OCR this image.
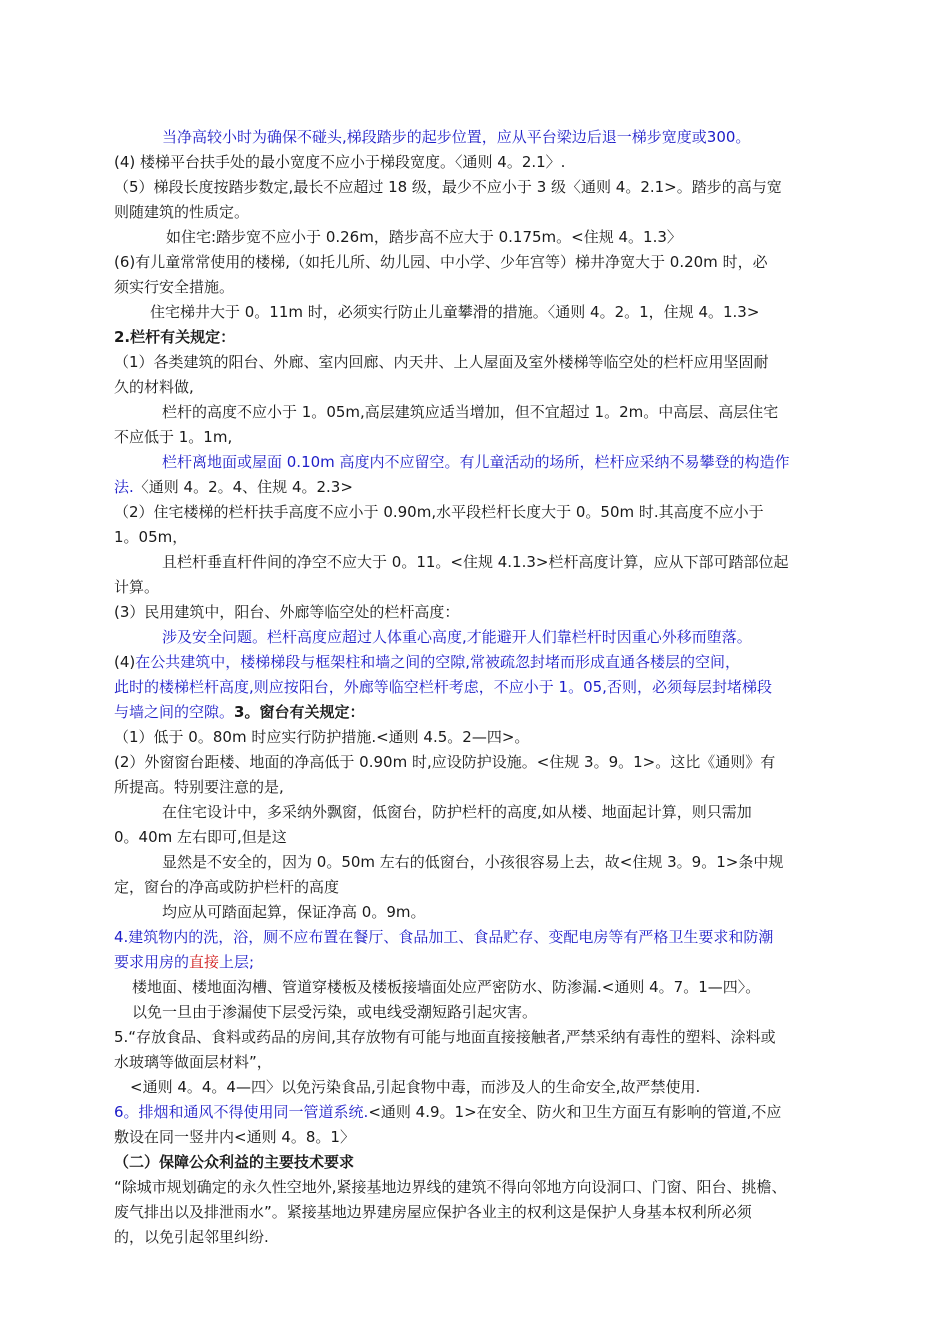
当净高较小时为确保不碰头,梯段踏步的起步位置，应从平台梁边后退一梯步宽度或300。
(4) 楼梯平台扶手处的最小宽度不应小于梯段宽度。〈通则 4。2.1〉.
（5）梯段长度按踏步数定,最长不应超过 18 级，最少不应小于 3 级〈通则 4。2.1>。踏步的高与宽
则随建筑的性质定。
如住宅:踏步宽不应小于 0.26m，踏步高不应大于 0.175m。<住规 4。1.3〉
(6)有儿童常常使用的楼梯,（如托儿所、幼儿园、中小学、少年宫等）梯井净宽大于 0.20m 时，必
须实行安全措施。
住宅梯井大于 0。11m 时，必须实行防止儿童攀滑的措施。〈通则 4。2。1，住规 4。1.3>
2.栏杆有关规定：
（1）各类建筑的阳台、外廊、室内回廊、内天井、上人屋面及室外楼梯等临空处的栏杆应用坚固耐
久的材料做,
栏杆的高度不应小于 1。05m,高层建筑应适当增加，但不宜超过 1。2m。中高层、高层住宅
不应低于 1。1m,
栏杆离地面或屋面 0.10m 高度内不应留空。有儿童活动的场所，栏杆应采纳不易攀登的构造作
法.〈通则 4。2。4、住规 4。2.3>
（2）住宅楼梯的栏杆扶手高度不应小于 0.90m,水平段栏杆长度大于 0。50m 时.其高度不应小于
1。05m，
且栏杆垂直杆件间的净空不应大于 0。11。<住规 4.1.3>栏杆高度计算，应从下部可踏部位起
计算。
(3）民用建筑中，阳台、外廊等临空处的栏杆高度：
涉及安全问题。栏杆高度应超过人体重心高度,才能避开人们靠栏杆时因重心外移而堕落。
(4)在公共建筑中，楼梯梯段与框架柱和墙之间的空隙,常被疏忽封堵而形成直通各楼层的空间，
此时的楼梯栏杆高度,则应按阳台，外廊等临空栏杆考虑，不应小于 1。05,否则，必须每层封堵梯段
与墙之间的空隙。3。窗台有关规定：
（1）低于 0。80m 时应实行防护措施.<通则 4.5。2—四>。
(2）外窗窗台距楼、地面的净高低于 0.90m 时,应设防护设施。<住规 3。9。1>。这比《通则》有
所提高。特别要注意的是,
在住宅设计中，多采纳外飘窗，低窗台，防护栏杆的高度,如从楼、地面起计算，则只需加
0。40m 左右即可,但是这
显然是不安全的，因为 0。50m 左右的低窗台，小孩很容易上去，故<住规 3。9。1>条中规
定，窗台的净高或防护栏杆的高度
均应从可踏面起算，保证净高 0。9m。
4.建筑物内的洗，浴，厕不应布置在餐厅、食品加工、食品贮存、变配电房等有严格卫生要求和防潮
要求用房的直接上层;
楼地面、楼地面沟槽、管道穿楼板及楼板接墙面处应严密防水、防渗漏.<通则 4。7。1—四〉。
以免一旦由于渗漏使下层受污染，或电线受潮短路引起灾害。
5.“存放食品、食料或药品的房间,其存放物有可能与地面直接接触者,严禁采纳有毒性的塑料、涂料或
水玻璃等做面层材料”，
<通则 4。4。4—四〉以免污染食品,引起食物中毒，而涉及人的生命安全,故严禁使用.
6。排烟和通风不得使用同一管道系统.<通则 4.9。1>在安全、防火和卫生方面互有影响的管道,不应
敷设在同一竖井内<通则 4。8。1〉
（二）保障公众利益的主要技术要求
“除城市规划确定的永久性空地外,紧接基地边界线的建筑不得向邻地方向设洞口、门窗、阳台、挑檐、
废气排出以及排泄雨水”。紧接基地边界建房屋应保护各业主的权利这是保护人身基本权利所必须
的，以免引起邻里纠纷.
